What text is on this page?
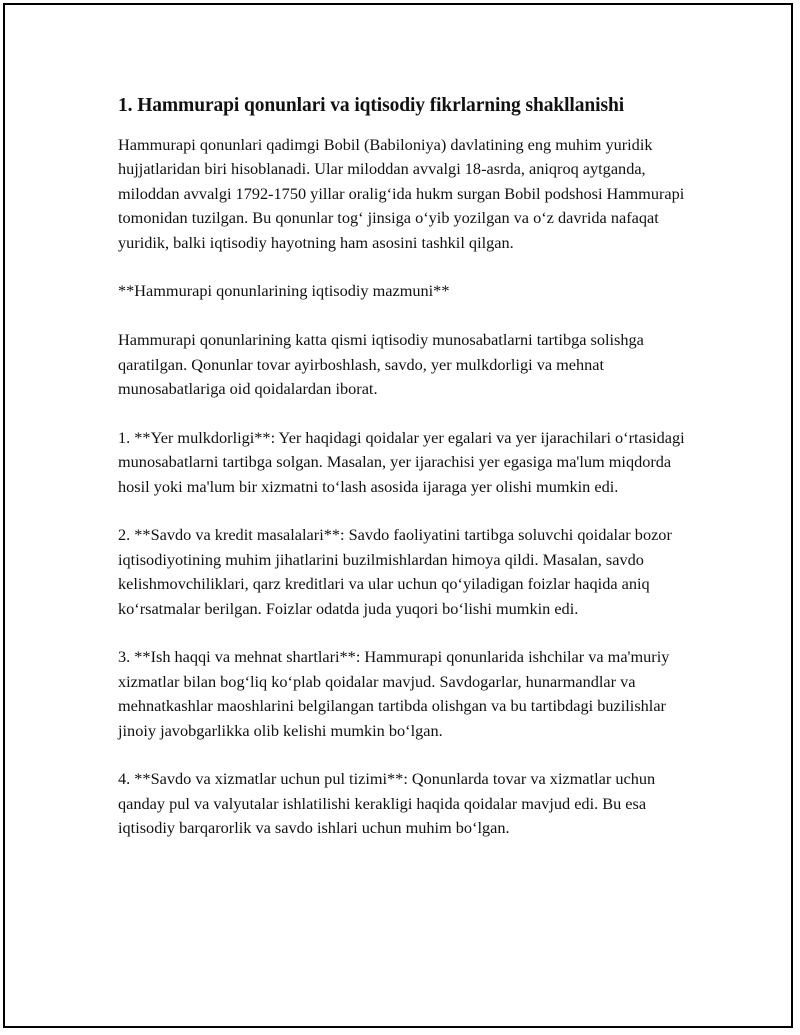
1. Hammurapi qonunlari va iqtisodiy fikrlarning shakllanishi

Hammurapi qonunlari qadimgi Bobil (Babiloniya) davlatining eng muhim yuridik hujjatlaridan biri hisoblanadi. Ular miloddan avvalgi 18-asrda, aniqroq aytganda, miloddan avvalgi 1792-1750 yillar oralig‘ida hukm surgan Bobil podshosi Hammurapi tomonidan tuzilgan. Bu qonunlar tog‘ jinsiga o‘yib yozilgan va o‘z davrida nafaqat yuridik, balki iqtisodiy hayotning ham asosini tashkil qilgan.

**Hammurapi qonunlarining iqtisodiy mazmuni**

Hammurapi qonunlarining katta qismi iqtisodiy munosabatlarni tartibga solishga qaratilgan. Qonunlar tovar ayirboshlash, savdo, yer mulkdorligi va mehnat munosabatlariga oid qoidalardan iborat.

1. **Yer mulkdorligi**: Yer haqidagi qoidalar yer egalari va yer ijarachilari o‘rtasidagi munosabatlarni tartibga solgan. Masalan, yer ijarachisi yer egasiga ma'lum miqdorda hosil yoki ma'lum bir xizmatni to‘lash asosida ijaraga yer olishi mumkin edi.

2. **Savdo va kredit masalalari**: Savdo faoliyatini tartibga soluvchi qoidalar bozor iqtisodiyotining muhim jihatlarini buzilmishlardan himoya qildi. Masalan, savdo kelishmovchiliklari, qarz kreditlari va ular uchun qo‘yiladigan foizlar haqida aniq ko‘rsatmalar berilgan. Foizlar odatda juda yuqori bo‘lishi mumkin edi.

3. **Ish haqqi va mehnat shartlari**: Hammurapi qonunlarida ishchilar va ma'muriy xizmatlar bilan bog‘liq ko‘plab qoidalar mavjud. Savdogarlar, hunarmandlar va mehnatkashlar maoshlarini belgilangan tartibda olishgan va bu tartibdagi buzilishlar jinoiy javobgarlikka olib kelishi mumkin bo‘lgan.

4. **Savdo va xizmatlar uchun pul tizimi**: Qonunlarda tovar va xizmatlar uchun qanday pul va valyutalar ishlatilishi kerakligi haqida qoidalar mavjud edi. Bu esa iqtisodiy barqarorlik va savdo ishlari uchun muhim bo‘lgan.
